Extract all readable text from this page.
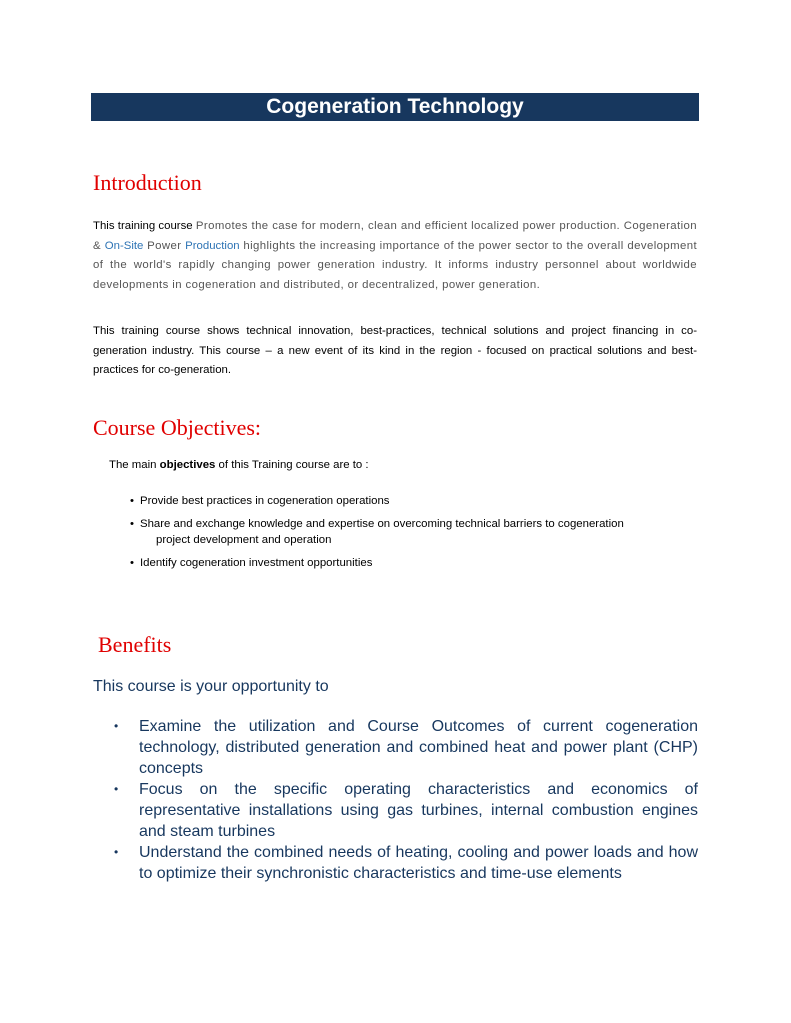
Cogeneration Technology
Introduction

This training course Promotes the case for modern, clean and efficient localized power production. Cogeneration & On-Site Power Production highlights the increasing importance of the power sector to the overall development of the world's rapidly changing power generation industry. It informs industry personnel about worldwide developments in cogeneration and distributed, or decentralized, power generation.

This training course shows technical innovation, best-practices, technical solutions and project financing in co-generation industry. This course – a new event of its kind in the region - focused on practical solutions and best-practices for co-generation.

Course Objectives:

The main objectives of this Training course are to :

• Provide best practices in cogeneration operations
• Share and exchange knowledge and expertise on overcoming technical barriers to cogeneration
project development and operation
• Identify cogeneration investment opportunities
Benefits

This course is your opportunity to

• Examine the utilization and Course Outcomes of current cogeneration technology, distributed generation and combined heat and power plant (CHP) concepts
• Focus on the specific operating characteristics and economics of representative installations using gas turbines, internal combustion engines and steam turbines
• Understand the combined needs of heating, cooling and power loads and how to optimize their synchronistic characteristics and time-use elements
